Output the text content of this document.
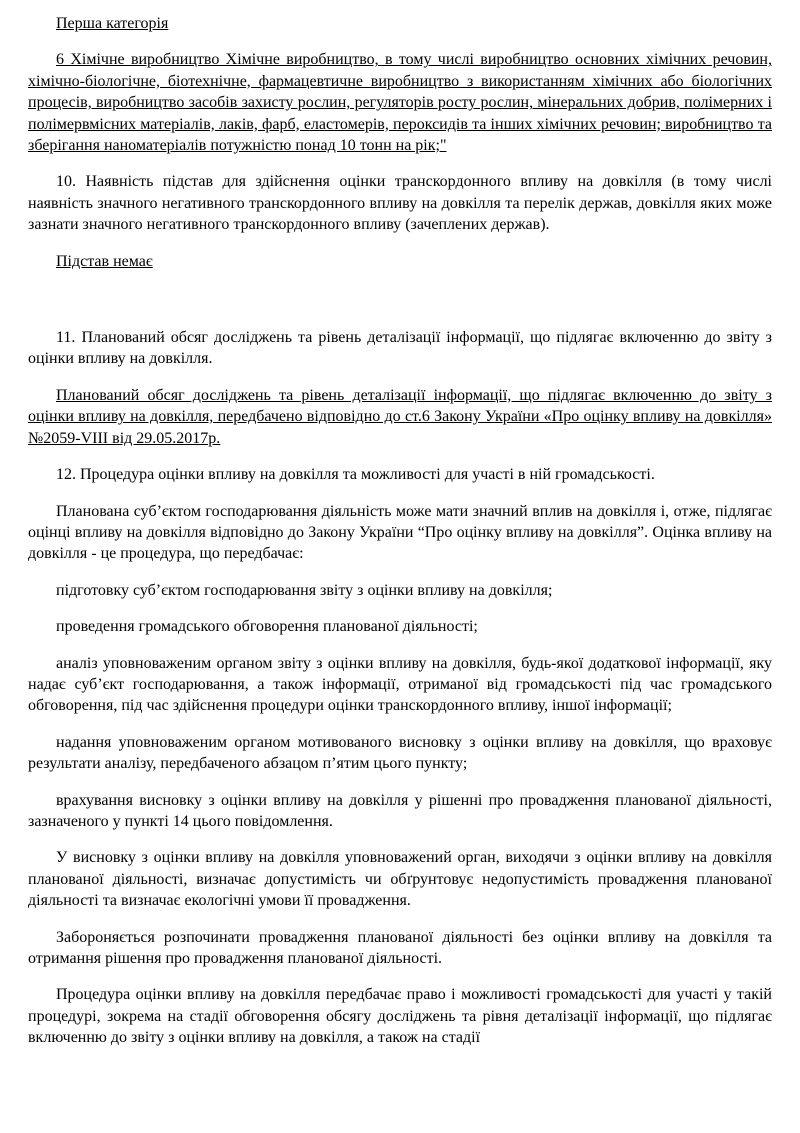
Перша категорія

6 Хімічне виробництво Хімічне виробництво, в тому числі виробництво основних хімічних речовин, хімічно-біологічне, біотехнічне, фармацевтичне виробництво з використанням хімічних або біологічних процесів, виробництво засобів захисту рослин, регуляторів росту рослин, мінеральних добрив, полімерних і полімервмісних матеріалів, лаків, фарб, еластомерів, пероксидів та інших хімічних речовин; виробництво та зберігання наноматеріалів потужністю понад 10 тонн на рік;"

10. Наявність підстав для здійснення оцінки транскордонного впливу на довкілля (в тому числі наявність значного негативного транскордонного впливу на довкілля та перелік держав, довкілля яких може зазнати значного негативного транскордонного впливу (зачеплених держав).

Підстав немає

11. Планований обсяг досліджень та рівень деталізації інформації, що підлягає включенню до звіту з оцінки впливу на довкілля.

Планований обсяг досліджень та рівень деталізації інформації, що підлягає включенню до звіту з оцінки впливу на довкілля, передбачено відповідно до ст.6 Закону України «Про оцінку впливу на довкілля» №2059-VIII від 29.05.2017р.

12. Процедура оцінки впливу на довкілля та можливості для участі в ній громадськості.

Планована суб’єктом господарювання діяльність може мати значний вплив на довкілля і, отже, підлягає оцінці впливу на довкілля відповідно до Закону України “Про оцінку впливу на довкілля”. Оцінка впливу на довкілля - це процедура, що передбачає:

підготовку суб’єктом господарювання звіту з оцінки впливу на довкілля;

проведення громадського обговорення планованої діяльності;

аналіз уповноваженим органом звіту з оцінки впливу на довкілля, будь-якої додаткової інформації, яку надає суб’єкт господарювання, а також інформації, отриманої від громадськості під час громадського обговорення, під час здійснення процедури оцінки транскордонного впливу, іншої інформації;

надання уповноваженим органом мотивованого висновку з оцінки впливу на довкілля, що враховує результати аналізу, передбаченого абзацом п’ятим цього пункту;

врахування висновку з оцінки впливу на довкілля у рішенні про провадження планованої діяльності, зазначеного у пункті 14 цього повідомлення.

У висновку з оцінки впливу на довкілля уповноважений орган, виходячи з оцінки впливу на довкілля планованої діяльності, визначає допустимість чи обґрунтовує недопустимість провадження планованої діяльності та визначає екологічні умови її провадження.

Забороняється розпочинати провадження планованої діяльності без оцінки впливу на довкілля та отримання рішення про провадження планованої діяльності.

Процедура оцінки впливу на довкілля передбачає право і можливості громадськості для участі у такій процедурі, зокрема на стадії обговорення обсягу досліджень та рівня деталізації інформації, що підлягає включенню до звіту з оцінки впливу на довкілля, а також на стадії
